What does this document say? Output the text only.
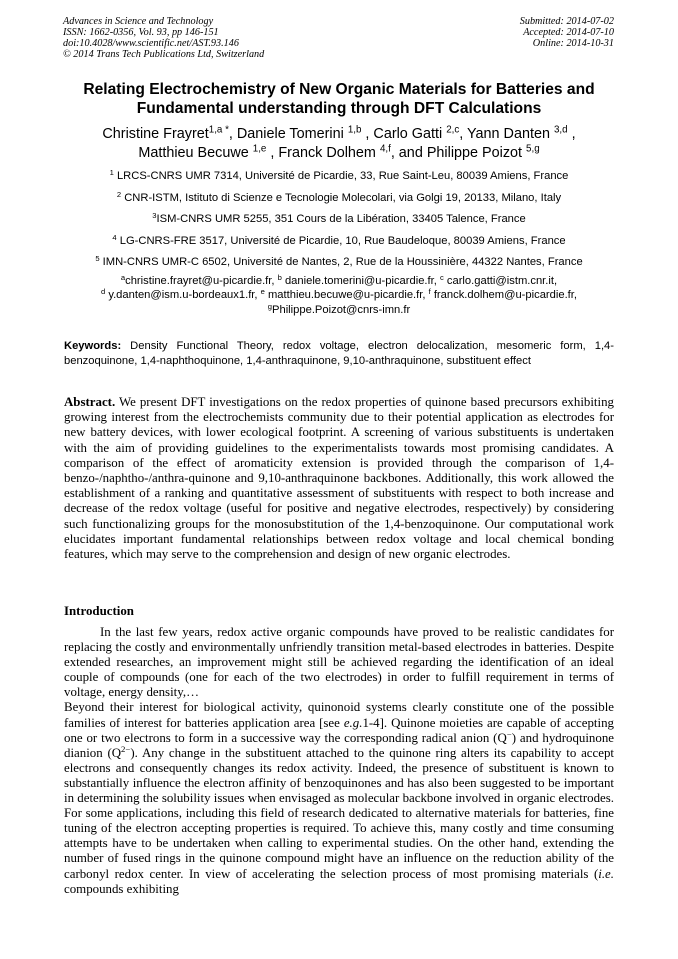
Advances in Science and Technology
ISSN: 1662-0356, Vol. 93, pp 146-151
doi:10.4028/www.scientific.net/AST.93.146
© 2014 Trans Tech Publications Ltd, Switzerland
Submitted: 2014-07-02
Accepted: 2014-07-10
Online: 2014-10-31
Relating Electrochemistry of New Organic Materials for Batteries and
Fundamental understanding through DFT Calculations
Christine Frayret$^{1,a *}$, Daniele Tomerini $^{1,b}$ , Carlo Gatti $^{2,c}$, Yann Danten $^{3,d}$ ,
Matthieu Becuwe $^{1,e}$ , Franck Dolhem $^{4,f}$, and Philippe Poizot $^{5,g}$
$^1$ LRCS-CNRS UMR 7314, Université de Picardie, 33, Rue Saint-Leu, 80039 Amiens, France
$^2$ CNR-ISTM, Istituto di Scienze e Tecnologie Molecolari, via Golgi 19, 20133, Milano, Italy
$^3$ISM-CNRS UMR 5255, 351 Cours de la Libération, 33405 Talence, France
$^4$ LG-CNRS-FRE 3517, Université de Picardie, 10, Rue Baudeloque, 80039 Amiens, France
$^5$ IMN-CNRS UMR-C 6502, Université de Nantes, 2, Rue de la Houssinière, 44322 Nantes, France
$^a$christine.frayret@u-picardie.fr, $^b$ daniele.tomerini@u-picardie.fr, $^c$ carlo.gatti@istm.cnr.it,
$^d$ y.danten@ism.u-bordeaux1.fr, $^e$ matthieu.becuwe@u-picardie.fr, $^f$ franck.dolhem@u-picardie.fr,
$^g$Philippe.Poizot@cnrs-imn.fr
Keywords: Density Functional Theory, redox voltage, electron delocalization, mesomeric form, 1,4-benzoquinone, 1,4-naphthoquinone, 1,4-anthraquinone, 9,10-anthraquinone, substituent effect

Abstract. We present DFT investigations on the redox properties of quinone based precursors exhibiting growing interest from the electrochemists community due to their potential application as electrodes for new battery devices, with lower ecological footprint. A screening of various substituents is undertaken with the aim of providing guidelines to the experimentalists towards most promising candidates. A comparison of the effect of aromaticity extension is provided through the comparison of 1,4-benzo-/naphtho-/anthra-quinone and 9,10-anthraquinone backbones. Additionally, this work allowed the establishment of a ranking and quantitative assessment of substituents with respect to both increase and decrease of the redox voltage (useful for positive and negative electrodes, respectively) by considering such functionalizing groups for the monosubstitution of the 1,4-benzoquinone. Our computational work elucidates important fundamental relationships between redox voltage and local chemical bonding features, which may serve to the comprehension and design of new organic electrodes.

Introduction

In the last few years, redox active organic compounds have proved to be realistic candidates for replacing the costly and environmentally unfriendly transition metal-based electrodes in batteries. Despite extended researches, an improvement might still be achieved regarding the identification of an ideal couple of compounds (one for each of the two electrodes) in order to fulfill requirement in terms of voltage, energy density,…

Beyond their interest for biological activity, quinonoid systems clearly constitute one of the possible families of interest for batteries application area [see e.g.1-4]. Quinone moieties are capable of accepting one or two electrons to form in a successive way the corresponding radical anion (Q−) and hydroquinone dianion $(Q^{2-})$. Any change in the substituent attached to the quinone ring alters its capability to accept electrons and consequently changes its redox activity. Indeed, the presence of substituent is known to substantially influence the electron affinity of benzoquinones and has also been suggested to be important in determining the solubility issues when envisaged as molecular backbone involved in organic electrodes. For some applications, including this field of research dedicated to alternative materials for batteries, fine tuning of the electron accepting properties is required. To achieve this, many costly and time consuming attempts have to be undertaken when calling to experimental studies. On the other hand, extending the number of fused rings in the quinone compound might have an influence on the reduction ability of the carbonyl redox center. In view of accelerating the selection process of most promising materials (i.e. compounds exhibiting
